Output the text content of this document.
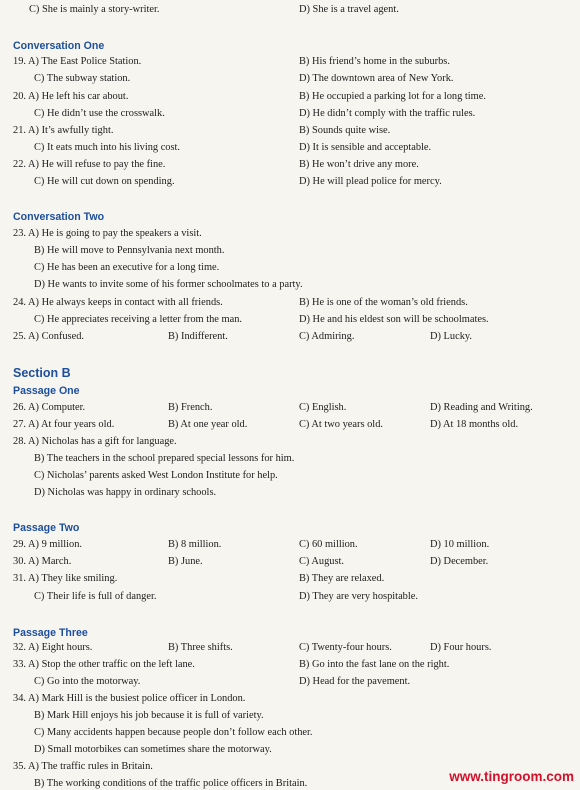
C) She is mainly a story-writer.	D) She is a travel agent.
Conversation One
19. A) The East Police Station.	B) His friend’s home in the suburbs.
C) The subway station.	D) The downtown area of New York.
20. A) He left his car about.	B) He occupied a parking lot for a long time.
C) He didn’t use the crosswalk.	D) He didn’t comply with the traffic rules.
21. A) It’s awfully tight.	B) Sounds quite wise.
C) It eats much into his living cost.	D) It is sensible and acceptable.
22. A) He will refuse to pay the fine.	B) He won’t drive any more.
C) He will cut down on spending.	D) He will plead police for mercy.
Conversation Two
23. A) He is going to pay the speakers a visit.
B) He will move to Pennsylvania next month.
C) He has been an executive for a long time.
D) He wants to invite some of his former schoolmates to a party.
24. A) He always keeps in contact with all friends.	B) He is one of the woman’s old friends.
C) He appreciates receiving a letter from the man.	D) He and his eldest son will be schoolmates.
25. A) Confused.	B) Indifferent.	C) Admiring.	D) Lucky.
Section B
Passage One
26. A) Computer.	B) French.	C) English.	D) Reading and Writing.
27. A) At four years old.	B) At one year old.	C) At two years old.	D) At 18 months old.
28. A) Nicholas has a gift for language.
B) The teachers in the school prepared special lessons for him.
C) Nicholas’ parents asked West London Institute for help.
D) Nicholas was happy in ordinary schools.
Passage Two
29. A) 9 million.	B) 8 million.	C) 60 million.	D) 10 million.
30. A) March.	B) June.	C) August.	D) December.
31. A) They like smiling.	B) They are relaxed.
C) Their life is full of danger.	D) They are very hospitable.
Passage Three
32. A) Eight hours.	B) Three shifts.	C) Twenty-four hours.	D) Four hours.
33. A) Stop the other traffic on the left lane.	B) Go into the fast lane on the right.
C) Go into the motorway.	D) Head for the pavement.
34. A) Mark Hill is the busiest police officer in London.
B) Mark Hill enjoys his job because it is full of variety.
C) Many accidents happen because people don’t follow each other.
D) Small motorbikes can sometimes share the motorway.
35. A) The traffic rules in Britain.
B) The working conditions of the traffic police officers in Britain.	www.tingroom.com
